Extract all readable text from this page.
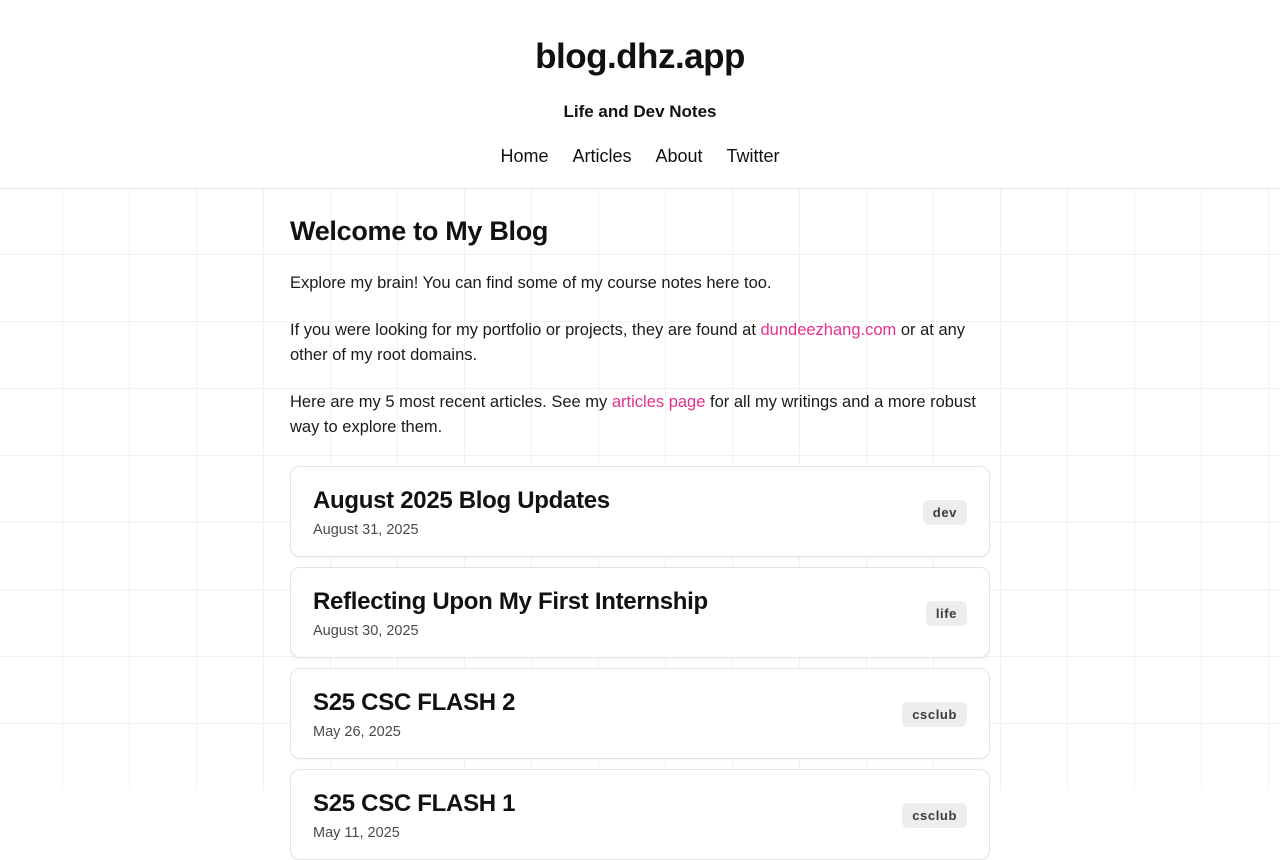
blog.dhz.app
Life and Dev Notes
Home Articles About Twitter
Welcome to My Blog

Explore my brain! You can find some of my course notes here too.

If you were looking for my portfolio or projects, they are found at dundeezhang.com or at any other of my root domains.

Here are my 5 most recent articles. See my articles page for all my writings and a more robust way to explore them.

August 2025 Blog Updates
August 31, 2025
dev
Reflecting Upon My First Internship
August 30, 2025
life
S25 CSC FLASH 2
May 26, 2025
csclub
S25 CSC FLASH 1
May 11, 2025
csclub
